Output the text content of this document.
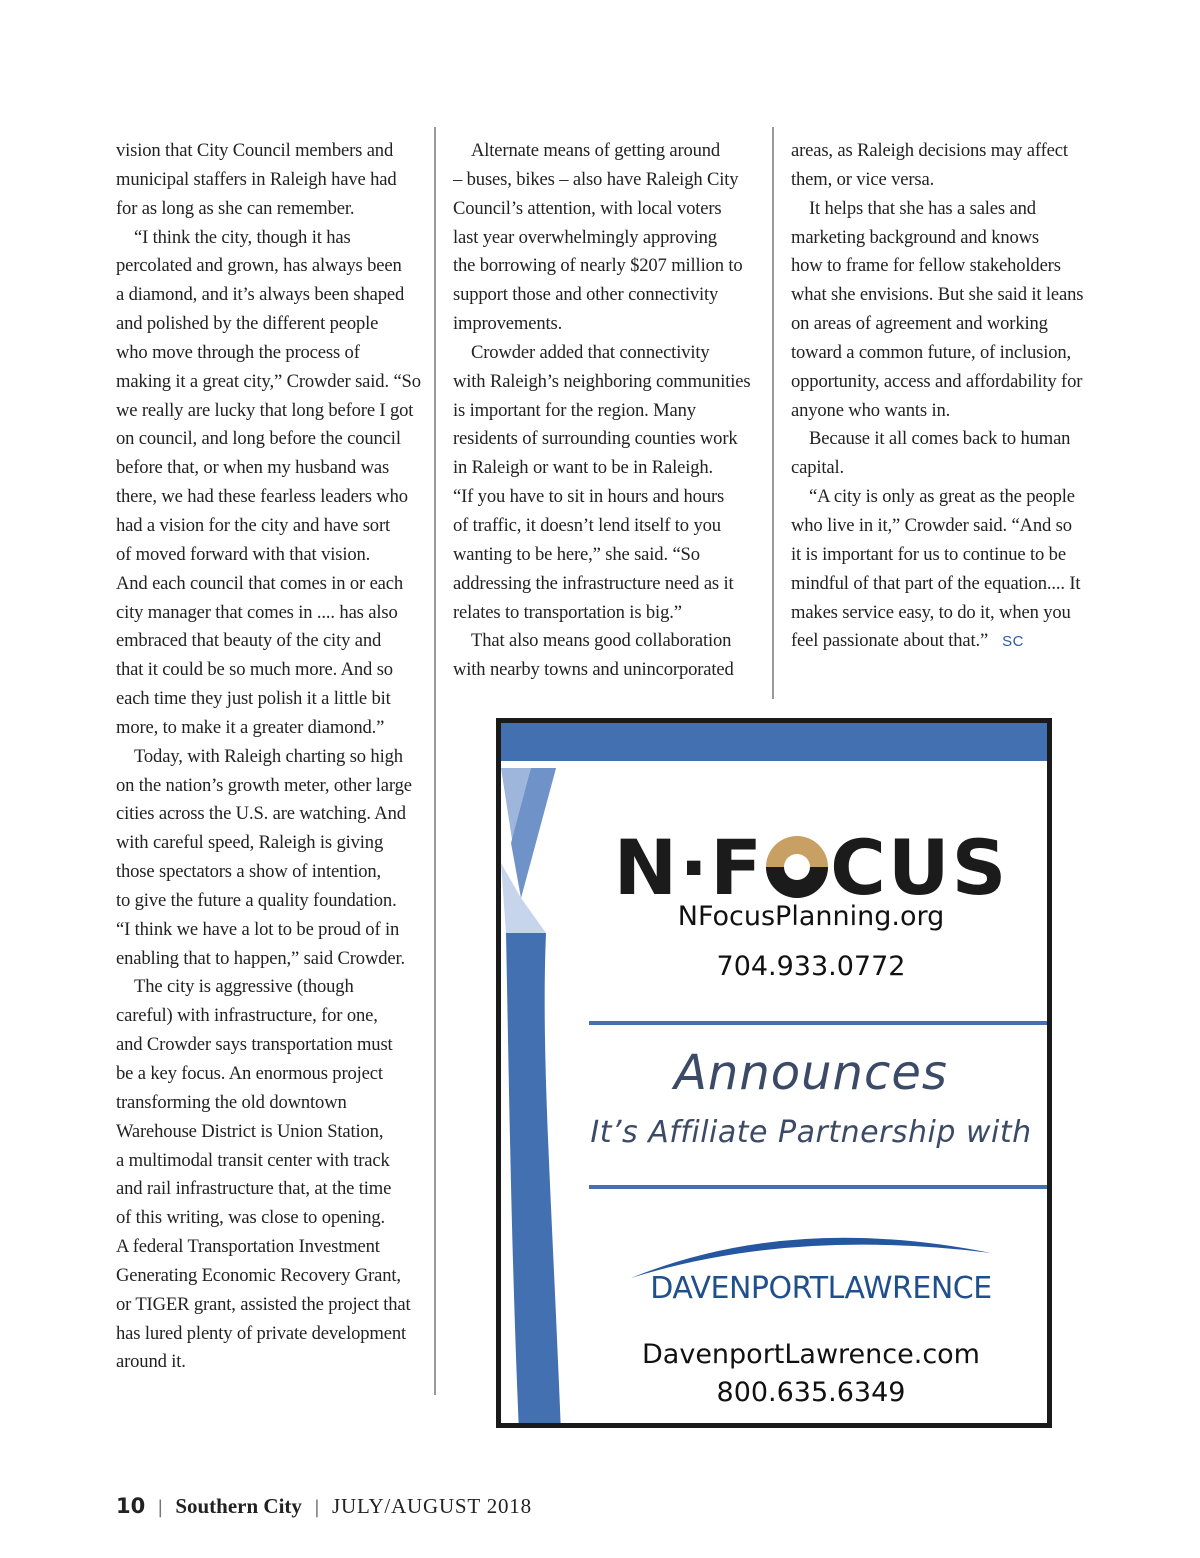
vision that City Council members and
municipal staffers in Raleigh have had
for as long as she can remember.
“I think the city, though it has
percolated and grown, has always been
a diamond, and it’s always been shaped
and polished by the different people
who move through the process of
making it a great city,” Crowder said. “So
we really are lucky that long before I got
on council, and long before the council
before that, or when my husband was
there, we had these fearless leaders who
had a vision for the city and have sort
of moved forward with that vision.
And each council that comes in or each
city manager that comes in .... has also
embraced that beauty of the city and
that it could be so much more. And so
each time they just polish it a little bit
more, to make it a greater diamond.”
Today, with Raleigh charting so high
on the nation’s growth meter, other large
cities across the U.S. are watching. And
with careful speed, Raleigh is giving
those spectators a show of intention,
to give the future a quality foundation.
“I think we have a lot to be proud of in
enabling that to happen,” said Crowder.
The city is aggressive (though
careful) with infrastructure, for one,
and Crowder says transportation must
be a key focus. An enormous project
transforming the old downtown
Warehouse District is Union Station,
a multimodal transit center with track
and rail infrastructure that, at the time
of this writing, was close to opening.
A federal Transportation Investment
Generating Economic Recovery Grant,
or TIGER grant, assisted the project that
has lured plenty of private development
around it.
Alternate means of getting around
– buses, bikes – also have Raleigh City
Council’s attention, with local voters
last year overwhelmingly approving
the borrowing of nearly $207 million to
support those and other connectivity
improvements.
Crowder added that connectivity
with Raleigh’s neighboring communities
is important for the region. Many
residents of surrounding counties work
in Raleigh or want to be in Raleigh.
“If you have to sit in hours and hours
of traffic, it doesn’t lend itself to you
wanting to be here,” she said. “So
addressing the infrastructure need as it
relates to transportation is big.”
That also means good collaboration
with nearby towns and unincorporated
areas, as Raleigh decisions may affect
them, or vice versa.
It helps that she has a sales and
marketing background and knows
how to frame for fellow stakeholders
what she envisions. But she said it leans
on areas of agreement and working
toward a common future, of inclusion,
opportunity, access and affordability for
anyone who wants in.
Because it all comes back to human
capital.
“A city is only as great as the people
who live in it,” Crowder said. “And so
it is important for us to continue to be
mindful of that part of the equation.... It
makes service easy, to do it, when you
feel passionate about that.” SC
N·F CUS
NFocusPlanning.org
704.933.0772
Announces
It’s Affiliate Partnership with
DAVENPORTLAWRENCE
DavenportLawrence.com
800.635.6349
10 | Southern City | JULY/AUGUST 2018
